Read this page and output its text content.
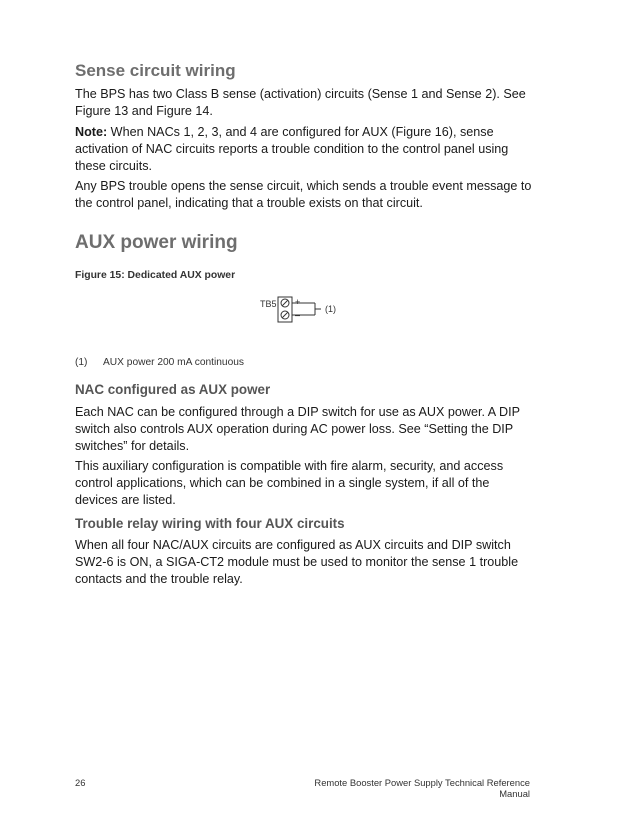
Sense circuit wiring
The BPS has two Class B sense (activation) circuits (Sense 1 and Sense 2). See Figure 13 and Figure 14.
Note: When NACs 1, 2, 3, and 4 are configured for AUX (Figure 16), sense activation of NAC circuits reports a trouble condition to the control panel using these circuits.
Any BPS trouble opens the sense circuit, which sends a trouble event message to the control panel, indicating that a trouble exists on that circuit.
AUX power wiring
Figure 15: Dedicated AUX power
TB5 +
–
(1)
(1) AUX power 200 mA continuous
NAC configured as AUX power
Each NAC can be configured through a DIP switch for use as AUX power. A DIP switch also controls AUX operation during AC power loss. See “Setting the DIP switches” for details.
This auxiliary configuration is compatible with fire alarm, security, and access control applications, which can be combined in a single system, if all of the devices are listed.
Trouble relay wiring with four AUX circuits
When all four NAC/AUX circuits are configured as AUX circuits and DIP switch SW2-6 is ON, a SIGA-CT2 module must be used to monitor the sense 1 trouble contacts and the trouble relay.
26	Remote Booster Power Supply Technical Reference Manual
